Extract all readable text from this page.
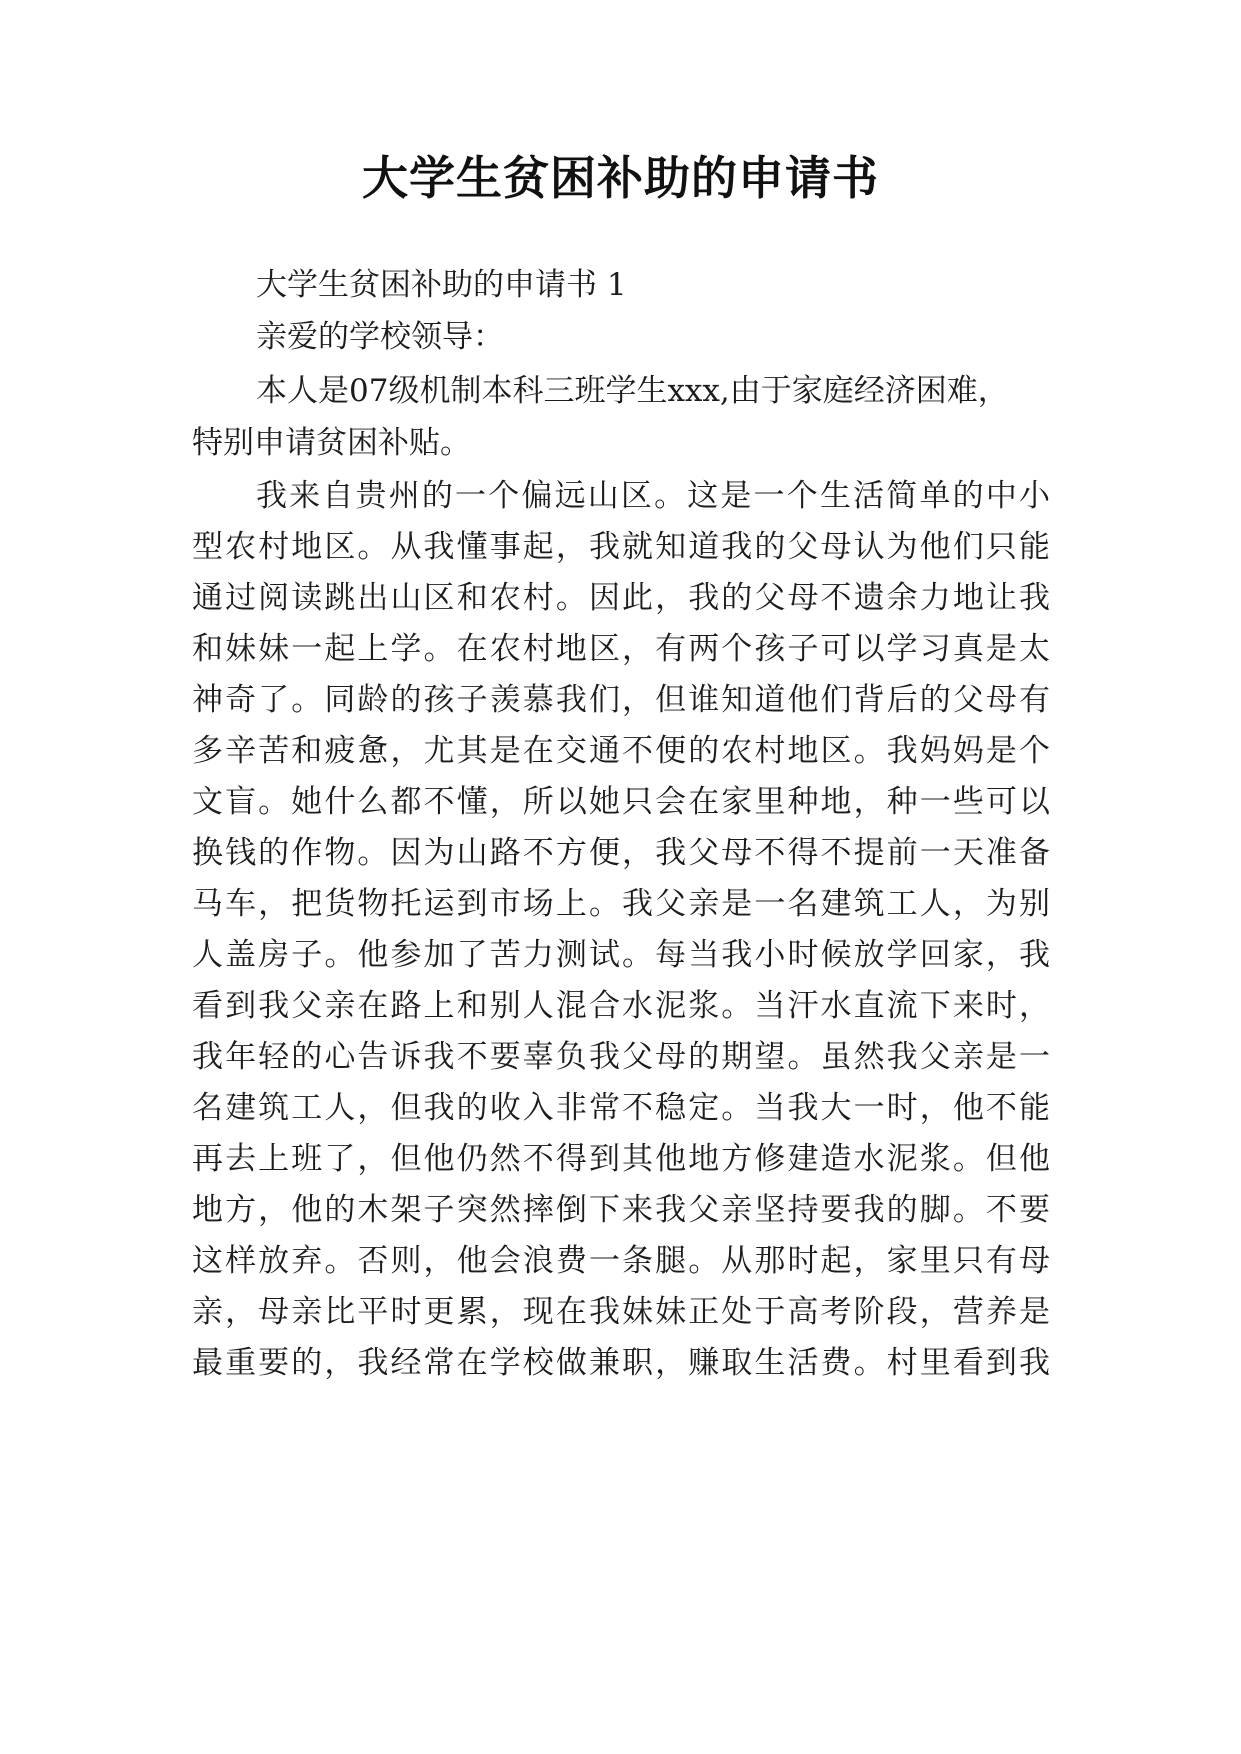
大学生贫困补助的申请书
大学生贫困补助的申请书 1
亲爱的学校领导：
本人是07级机制本科三班学生xxx,由于家庭经济困难，
特别申请贫困补贴。
我来自贵州的一个偏远山区。这是一个生活简单的中小
型农村地区。从我懂事起，我就知道我的父母认为他们只能
通过阅读跳出山区和农村。因此，我的父母不遗余力地让我
和妹妹一起上学。在农村地区，有两个孩子可以学习真是太
神奇了。同龄的孩子羡慕我们，但谁知道他们背后的父母有
多辛苦和疲惫，尤其是在交通不便的农村地区。我妈妈是个
文盲。她什么都不懂，所以她只会在家里种地，种一些可以
换钱的作物。因为山路不方便，我父母不得不提前一天准备
马车，把货物托运到市场上。我父亲是一名建筑工人，为别
人盖房子。他参加了苦力测试。每当我小时候放学回家，我
看到我父亲在路上和别人混合水泥浆。当汗水直流下来时，
我年轻的心告诉我不要辜负我父母的期望。虽然我父亲是一
名建筑工人，但我的收入非常不稳定。当我大一时，他不能
再去上班了，但他仍然不得到其他地方修建造水泥浆。但他
地方，他的木架子突然摔倒下来我父亲坚持要我的脚。不要
这样放弃。否则，他会浪费一条腿。从那时起，家里只有母
亲，母亲比平时更累，现在我妹妹正处于高考阶段，营养是
最重要的，我经常在学校做兼职，赚取生活费。村里看到我
